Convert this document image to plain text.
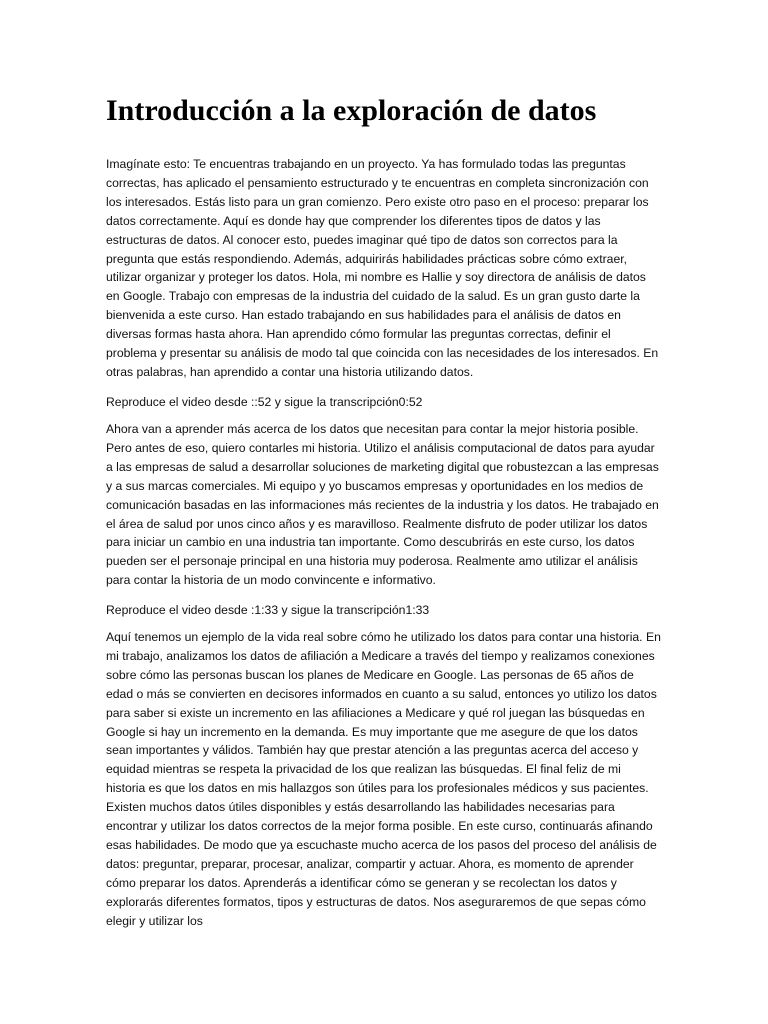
Introducción a la exploración de datos

Imagínate esto: Te encuentras trabajando en un proyecto. Ya has formulado todas las preguntas correctas, has aplicado el pensamiento estructurado y te encuentras en completa sincronización con los interesados. Estás listo para un gran comienzo. Pero existe otro paso en el proceso: preparar los datos correctamente. Aquí es donde hay que comprender los diferentes tipos de datos y las estructuras de datos. Al conocer esto, puedes imaginar qué tipo de datos son correctos para la pregunta que estás respondiendo. Además, adquirirás habilidades prácticas sobre cómo extraer, utilizar organizar y proteger los datos. Hola, mi nombre es Hallie y soy directora de análisis de datos en Google. Trabajo con empresas de la industria del cuidado de la salud. Es un gran gusto darte la bienvenida a este curso. Han estado trabajando en sus habilidades para el análisis de datos en diversas formas hasta ahora. Han aprendido cómo formular las preguntas correctas, definir el problema y presentar su análisis de modo tal que coincida con las necesidades de los interesados. En otras palabras, han aprendido a contar una historia utilizando datos.

Reproduce el video desde ::52 y sigue la transcripción0:52

Ahora van a aprender más acerca de los datos que necesitan para contar la mejor historia posible. Pero antes de eso, quiero contarles mi historia. Utilizo el análisis computacional de datos para ayudar a las empresas de salud a desarrollar soluciones de marketing digital que robustezcan a las empresas y a sus marcas comerciales. Mi equipo y yo buscamos empresas y oportunidades en los medios de comunicación basadas en las informaciones más recientes de la industria y los datos. He trabajado en el área de salud por unos cinco años y es maravilloso. Realmente disfruto de poder utilizar los datos para iniciar un cambio en una industria tan importante. Como descubrirás en este curso, los datos pueden ser el personaje principal en una historia muy poderosa. Realmente amo utilizar el análisis para contar la historia de un modo convincente e informativo.

Reproduce el video desde :1:33 y sigue la transcripción1:33

Aquí tenemos un ejemplo de la vida real sobre cómo he utilizado los datos para contar una historia. En mi trabajo, analizamos los datos de afiliación a Medicare a través del tiempo y realizamos conexiones sobre cómo las personas buscan los planes de Medicare en Google. Las personas de 65 años de edad o más se convierten en decisores informados en cuanto a su salud, entonces yo utilizo los datos para saber si existe un incremento en las afiliaciones a Medicare y qué rol juegan las búsquedas en Google si hay un incremento en la demanda. Es muy importante que me asegure de que los datos sean importantes y válidos. También hay que prestar atención a las preguntas acerca del acceso y equidad mientras se respeta la privacidad de los que realizan las búsquedas. El final feliz de mi historia es que los datos en mis hallazgos son útiles para los profesionales médicos y sus pacientes. Existen muchos datos útiles disponibles y estás desarrollando las habilidades necesarias para encontrar y utilizar los datos correctos de la mejor forma posible. En este curso, continuarás afinando esas habilidades. De modo que ya escuchaste mucho acerca de los pasos del proceso del análisis de datos: preguntar, preparar, procesar, analizar, compartir y actuar. Ahora, es momento de aprender cómo preparar los datos. Aprenderás a identificar cómo se generan y se recolectan los datos y explorarás diferentes formatos, tipos y estructuras de datos. Nos aseguraremos de que sepas cómo elegir y utilizar los
